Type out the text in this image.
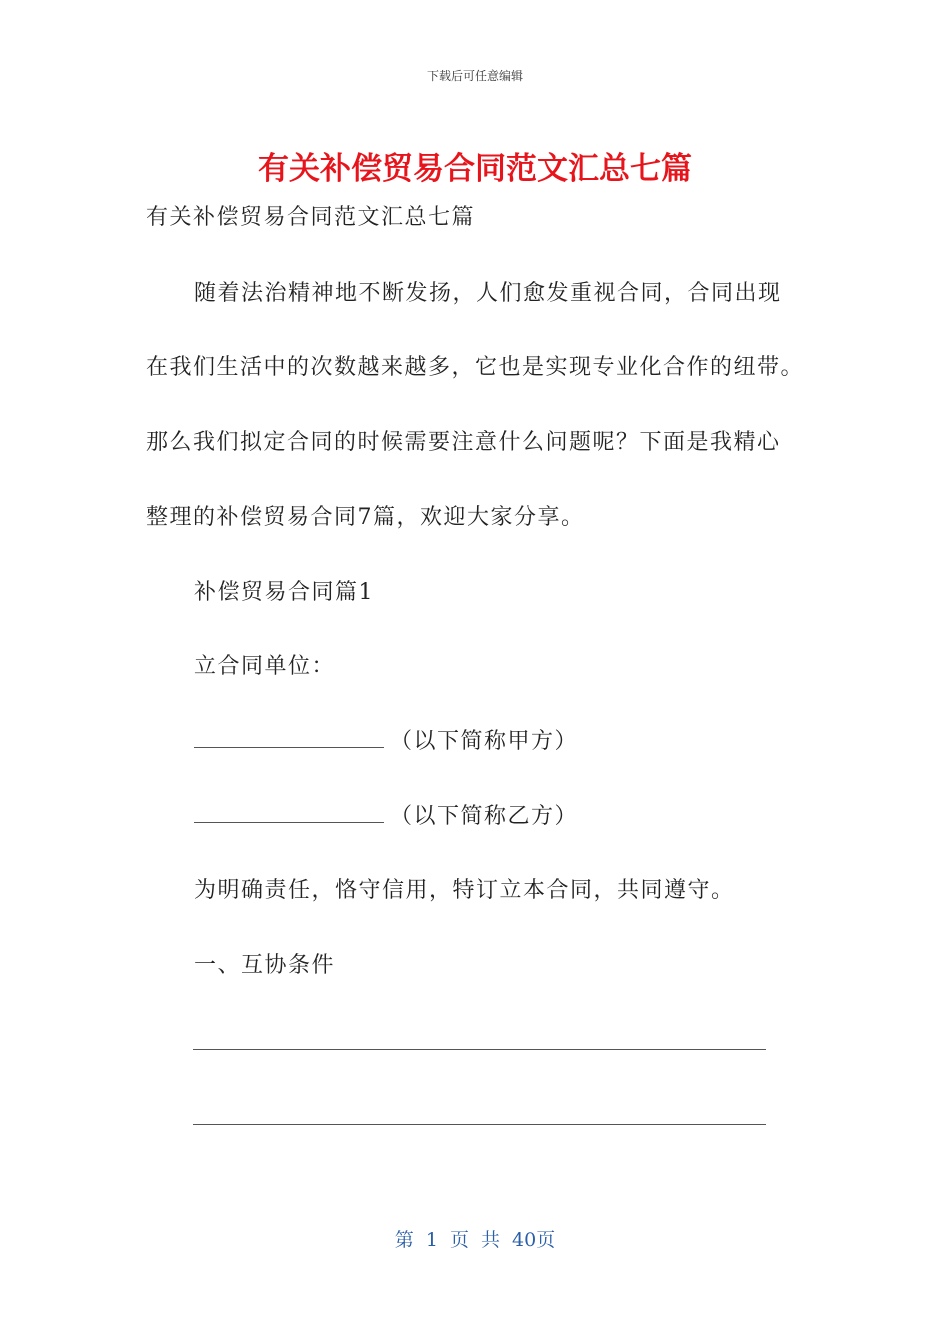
下载后可任意编辑
有关补偿贸易合同范文汇总七篇
有关补偿贸易合同范文汇总七篇
随着法治精神地不断发扬，人们愈发重视合同，合同出现
在我们生活中的次数越来越多，它也是实现专业化合作的纽带。
那么我们拟定合同的时候需要注意什么问题呢？下面是我精心
整理的补偿贸易合同7篇，欢迎大家分享。
补偿贸易合同篇1
立合同单位：
（以下简称甲方）
（以下简称乙方）
为明确责任，恪守信用，特订立本合同，共同遵守。
一、互协条件
第 1 页 共 40页
